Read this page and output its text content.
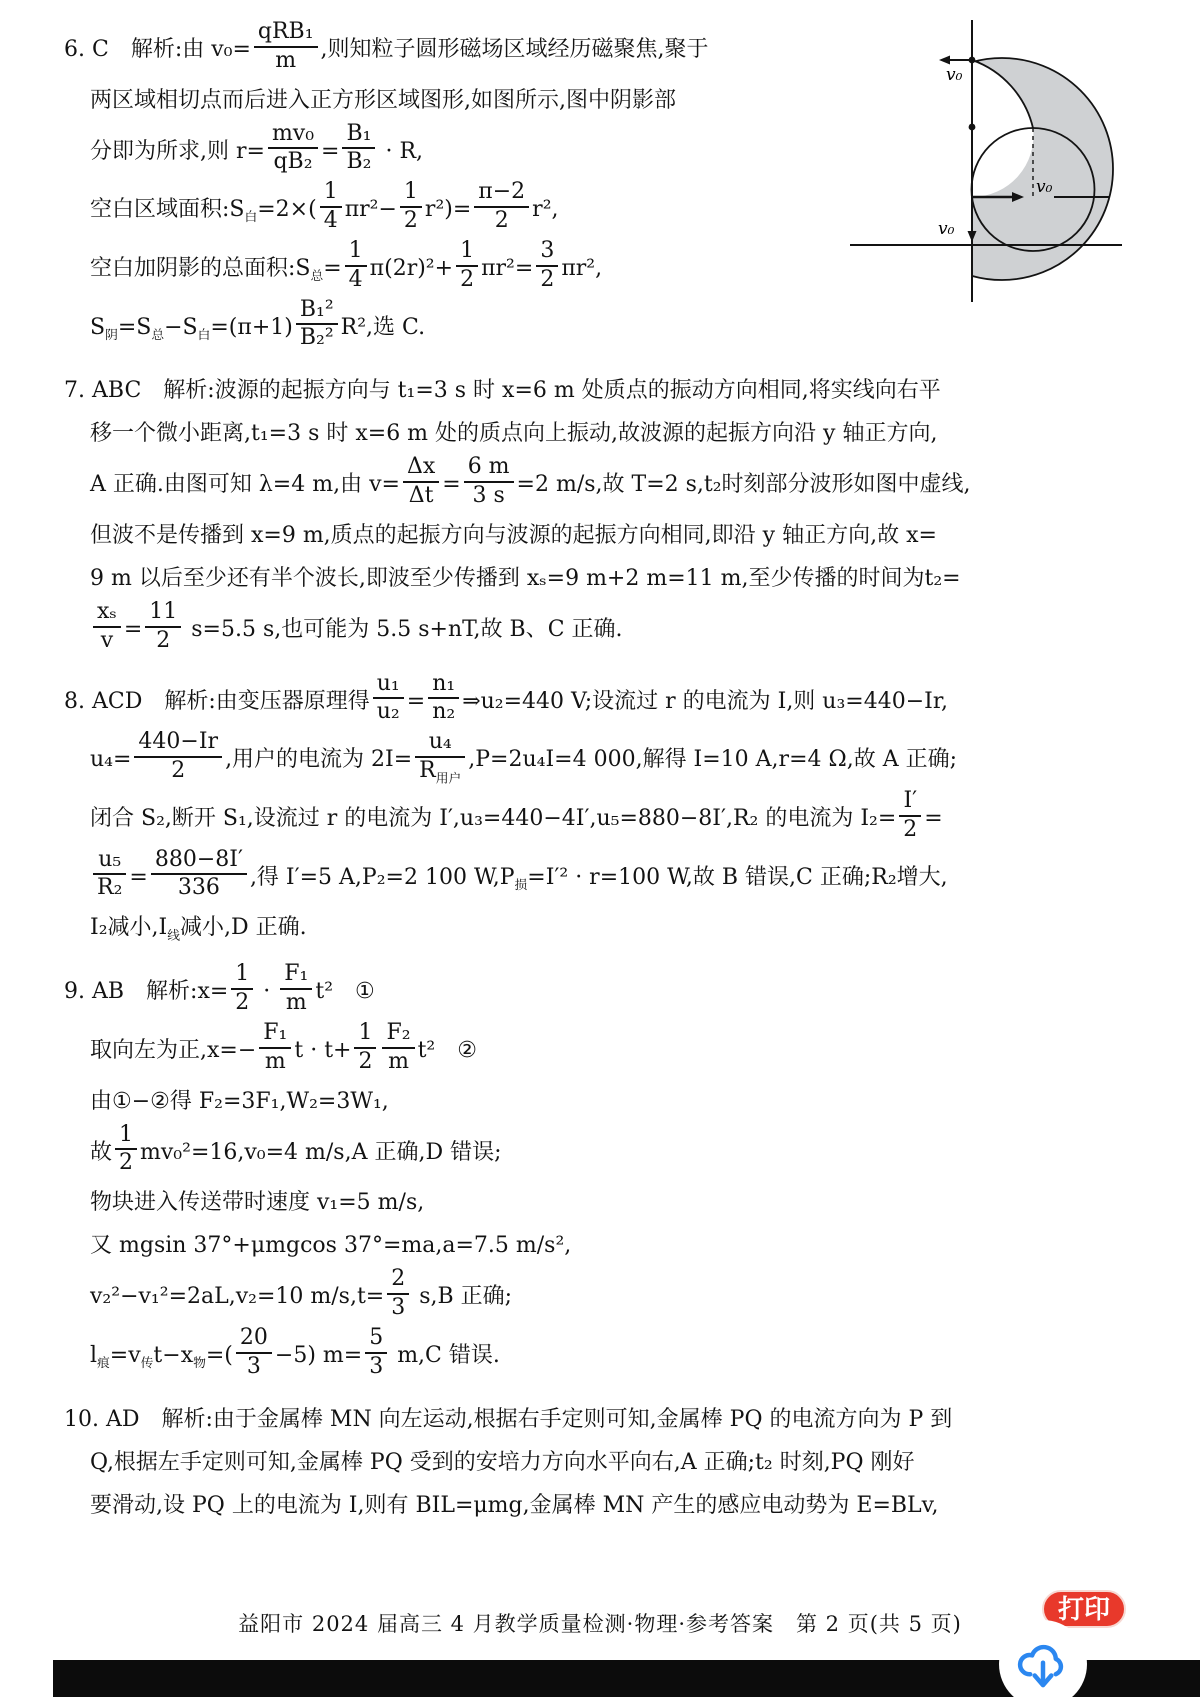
6. C　解析:由 $v_0= \frac{\text{qRB₁}}{m}$ ,则知粒子圆形磁场区域经历磁聚焦,聚于
两区域相切点而后进入正方形区域图形,如图所示,图中阴影部
分即为所求,则 $r= \frac{\text{mv₀}}{\text{qB₂}} = \frac{\text{B₁}}{\text{B₂}} \cdot R$,
空白区域面积$:S_白=2\times( \frac{1}{4} \pi r^2- \frac{1}{2} r^2)= \frac{\pi-2}{2} r^2$,
空白加阴影的总面积$:S_总= \frac{1}{4} \pi(2r)^2+ \frac{1}{2} \pi r^2= \frac{3}{2} \pi r^2$,
$S_阴=S_总-S_白=(\pi+1) \frac{\text{B₁²}}{\text{B₂²}} R^2$,选 C.
7. ABC　解析:波源的起振方向与 t₁=3 s 时 x=6 m 处质点的振动方向相同,将实线向右平
移一个微小距离,t₁=3 s 时 x=6 m 处的质点向上振动,故波源的起振方向沿 y 轴正方向,
A 正确.由图可知 λ=4 m,由 $v= \frac{\Delta x}{\Delta t} = \frac{6 m}{3 s} =2$ m/s,故 T=2 s,t₂时刻部分波形如图中虚线,
但波不是传播到 x=9 m,质点的起振方向与波源的起振方向相同,即沿 y 轴正方向,故 x=
9 m 以后至少还有半个波长,即波至少传播到 xₛ=9 m+2 m=11 m,至少传播的时间为t₂=
$\frac{\text{xₛ}}{v} = \frac{11}{2} s=5.5$ s,也可能为 5.5 s+nT,故 B、C 正确.
8. ACD　解析:由变压器原理得 $\frac{\text{u₁}}{\text{u₂}} = \frac{\text{n₁}}{\text{n₂}}$ ⇒u₂=440 V;设流过 r 的电流为 I,则 u₃=440−Ir,
$u_4= \frac{440-Ir}{2}$ ,用户的电流为 $2I= \frac{\text{u₄}}{R_{用户}} ,P=2u_4I=4$ 000,解得 I=10 A,r=4 Ω,故 A 正确;
闭合 S₂,断开 S₁,设流过 r 的电流为 I′,u₃=440−4I′,u₅=880−8I′,R₂ 的电流为 $I_2= \frac{I'}{2}$ =
$\frac{\text{u₅}}{\text{R₂}} = \frac{880-8I'}{336}$ ,得 I′=5 A,P₂=2 100 $W,P_损=I'^2 \cdot r=100$ W,故 B 错误,C 正确;R₂增大,
I₂减小$,I_线$减小,D 正确.
9. AB　解析:x= $\frac{1}{2} \cdot \frac{\text{F₁}}{m} t^2$　①
取向左为正$,x=- \frac{\text{F₁}}{m}$ $t \cdot t+ \frac{1}{2} \frac{\text{F₂}}{m} t^2$　②
由①−②得 F₂=3F₁,W₂=3W₁,
故 $\frac{1}{2} mv_0^2=16,v_0=4$ m/s,A 正确,D 错误;
物块进入传送带时速度 v₁=5 m/s,
又 mgsin 37°+μmgcos 37°=ma,a=7.5 m/s²,
v₂²−v₁²=2aL,v₂=10 $m/s,t= \frac{2}{3} s,B$ 正确;
$l_痕=v_传t-x_物=( \frac{20}{3} -5)$ $m= \frac{5}{3} m,C$ 错误.
10. AD　解析:由于金属棒 MN 向左运动,根据右手定则可知,金属棒 PQ 的电流方向为 P 到
Q,根据左手定则可知,金属棒 PQ 受到的安培力方向水平向右,A 正确;t₂ 时刻,PQ 刚好
要滑动,设 PQ 上的电流为 I,则有 BIL=μmg,金属棒 MN 产生的感应电动势为 E=BLv,
v₀
v₀
v₀
益阳市 2024 届高三 4 月教学质量检测·物理·参考答案　第 2 页(共 5 页)	打印
